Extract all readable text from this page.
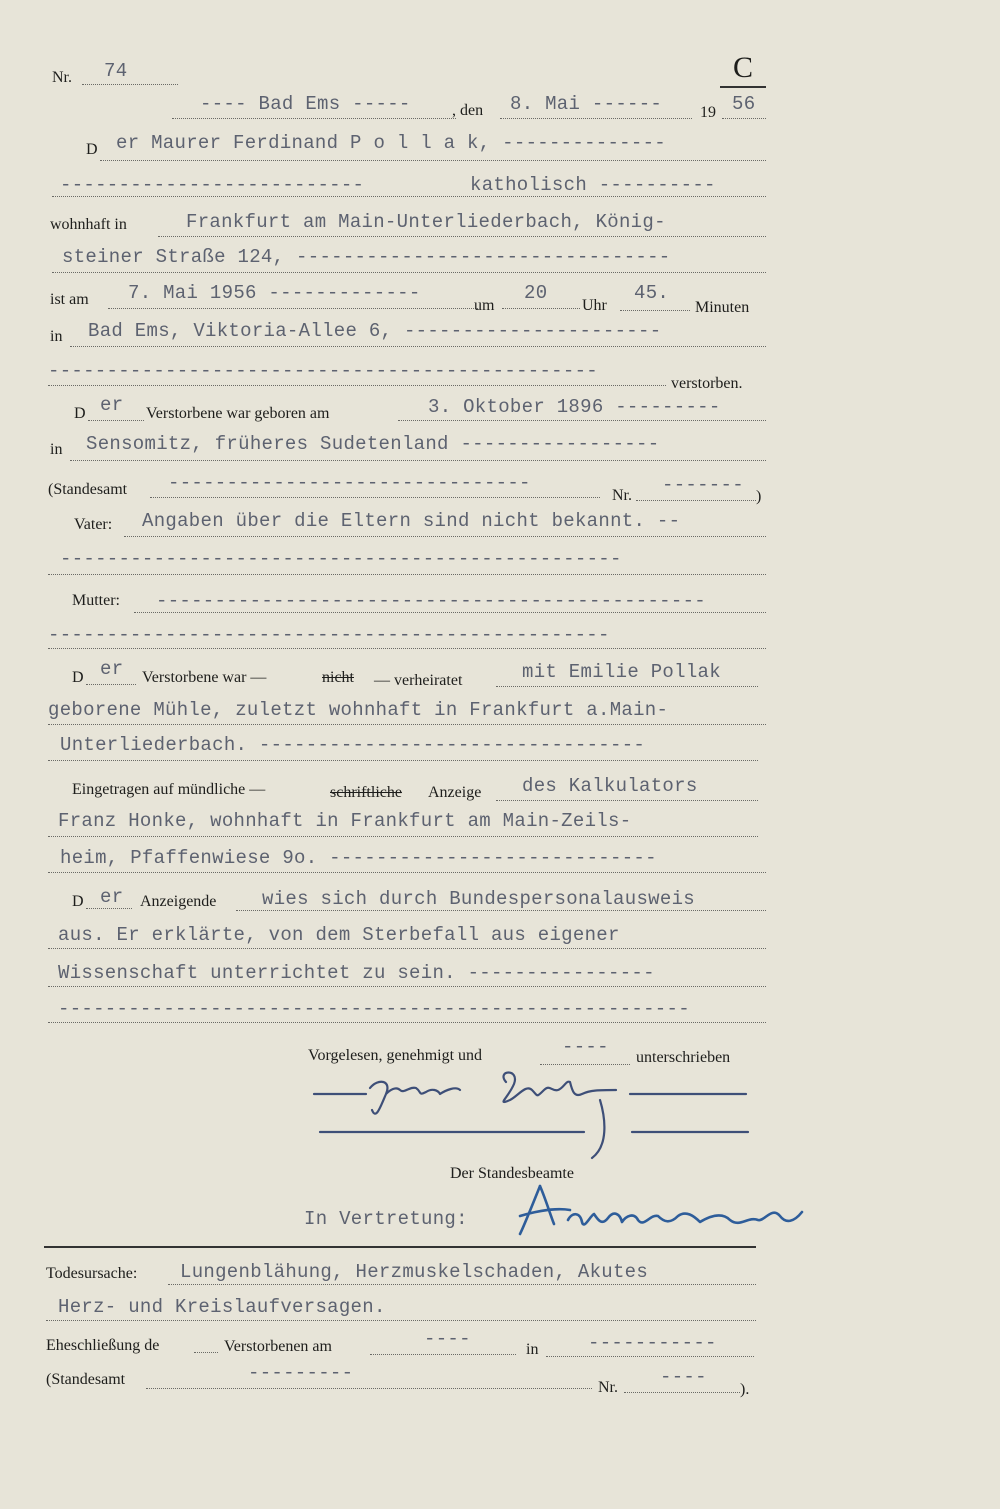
Nr. 74	C
---- Bad Ems -----	, den 8. Mai ------ 19 56
D er Maurer Ferdinand P o l l a k, --------------
--------------------------	katholisch ----------
wohnhaft in	Frankfurt am Main-Unterliederbach, König-
steiner Straße 124, --------------------------------
ist am 7. Mai 1956 -------------
um
20
Uhr
45.
Minuten
in Bad Ems, Viktoria-Allee 6, ----------------------
-----------------------------------------------
verstorben.
D er Verstorbene war geboren am	3. Oktober 1896 ---------
in Sensomitz, früheres Sudetenland -----------------
(Standesamt -------------------------------
Nr. -------
)
Vater: Angaben über die Eltern sind nicht bekannt. --
------------------------------------------------
Mutter: -----------------------------------------------
------------------------------------------------
D er Verstorbene war —	nicht — verheiratet	mit Emilie Pollak
geborene Mühle, zuletzt wohnhaft in Frankfurt a.Main-
Unterliederbach. ---------------------------------
Eingetragen auf mündliche —	schriftliche Anzeige des Kalkulators
Franz Honke, wohnhaft in Frankfurt am Main-Zeils-
heim, Pfaffenwiese 9o. ----------------------------
D er Anzeigende wies sich durch Bundespersonalausweis
aus. Er erklärte, von dem Sterbefall aus eigener
Wissenschaft unterrichtet zu sein. ----------------
------------------------------------------------------
Vorgelesen, genehmigt und	---- unterschrieben
Der Standesbeamte
In Vertretung:
Todesursache: Lungenblähung, Herzmuskelschaden, Akutes
Herz- und Kreislaufversagen.
Eheschließung de	Verstorbenen am	----	in	-----------
(Standesamt	---------
Nr. ----
).
